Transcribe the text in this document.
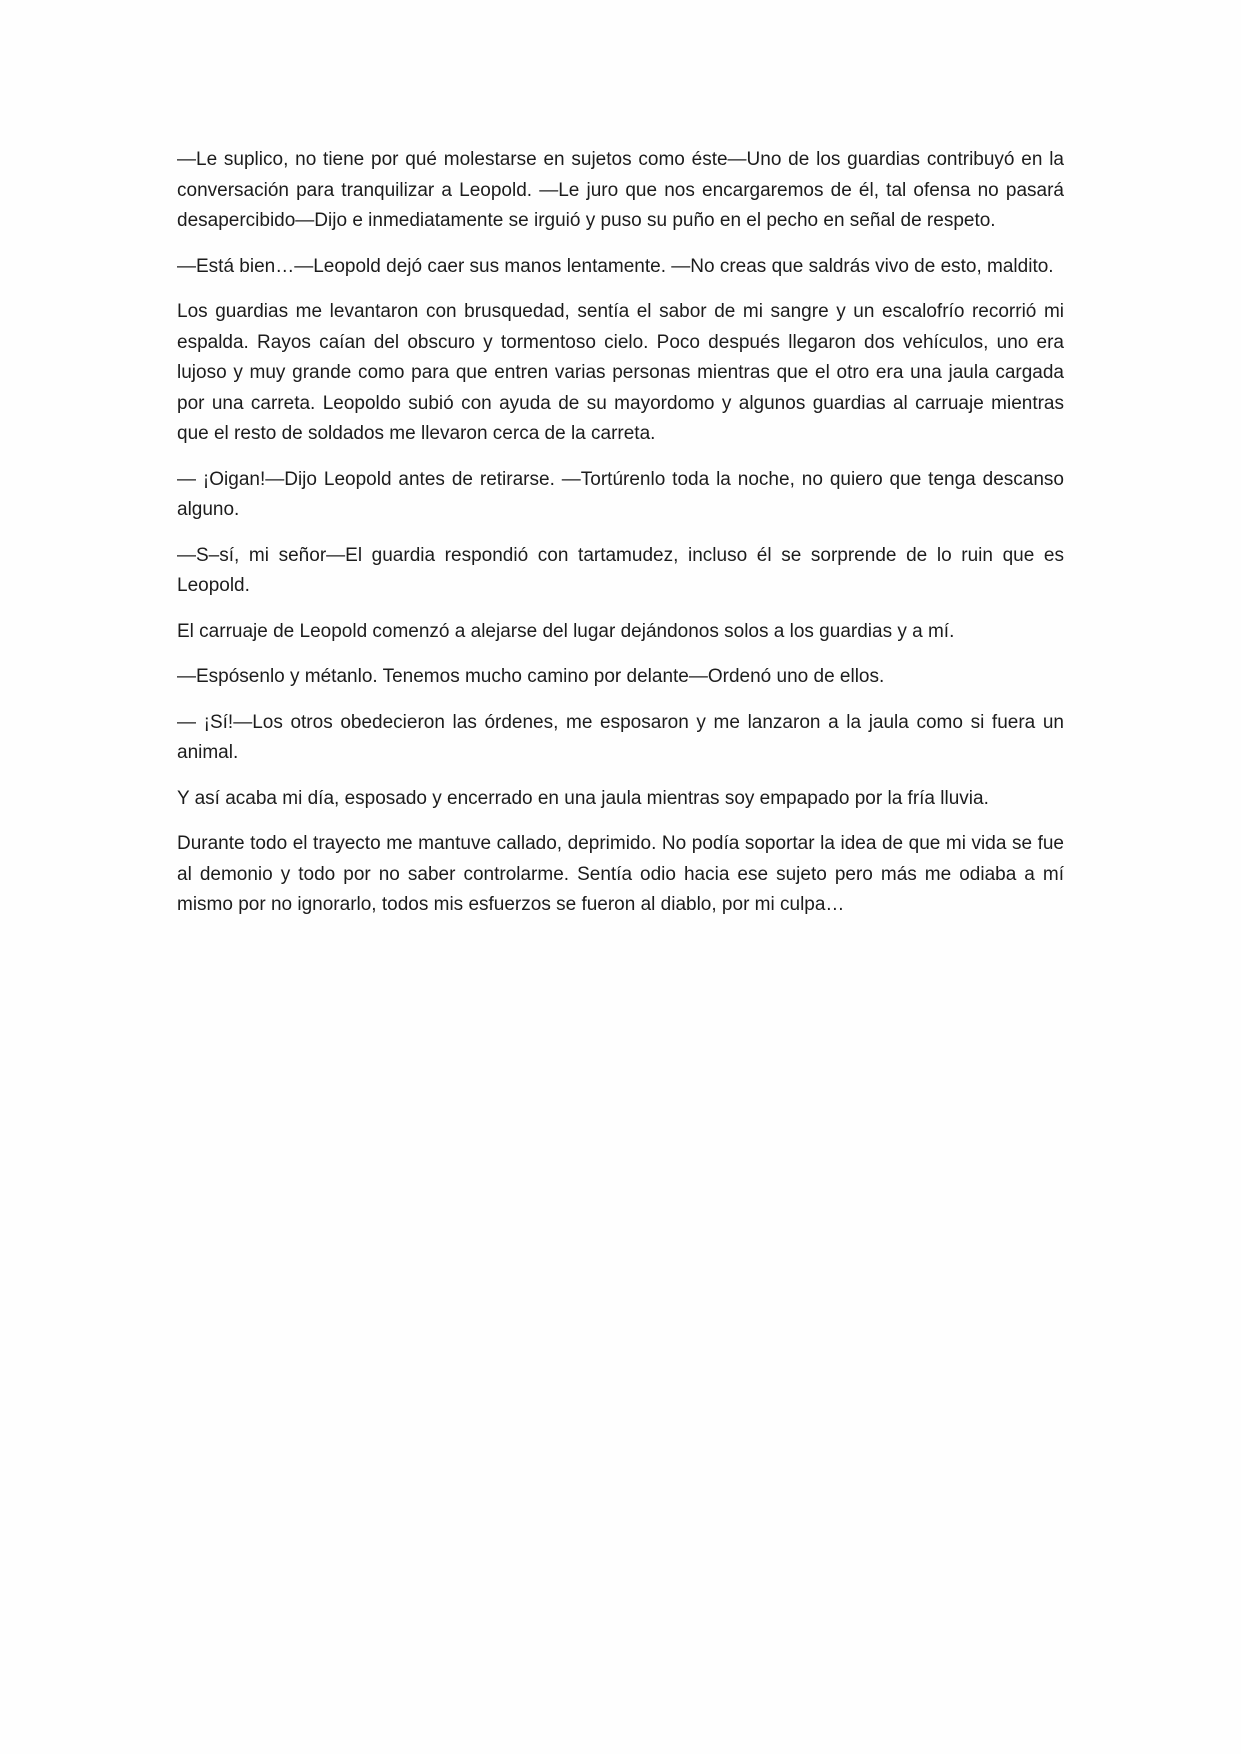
—Le suplico, no tiene por qué molestarse en sujetos como éste—Uno de los guardias contribuyó en la conversación para tranquilizar a Leopold. —Le juro que nos encargaremos de él, tal ofensa no pasará desapercibido—Dijo e inmediatamente se irguió y puso su puño en el pecho en señal de respeto.

—Está bien…—Leopold dejó caer sus manos lentamente. —No creas que saldrás vivo de esto, maldito.

Los guardias me levantaron con brusquedad, sentía el sabor de mi sangre y un escalofrío recorrió mi espalda. Rayos caían del obscuro y tormentoso cielo. Poco después llegaron dos vehículos, uno era lujoso y muy grande como para que entren varias personas mientras que el otro era una jaula cargada por una carreta. Leopoldo subió con ayuda de su mayordomo y algunos guardias al carruaje mientras que el resto de soldados me llevaron cerca de la carreta.

— ¡Oigan!—Dijo Leopold antes de retirarse. —Tortúrenlo toda la noche, no quiero que tenga descanso alguno.

—S–sí, mi señor—El guardia respondió con tartamudez, incluso él se sorprende de lo ruin que es Leopold.

El carruaje de Leopold comenzó a alejarse del lugar dejándonos solos a los guardias y a mí.

—Espósenlo y métanlo. Tenemos mucho camino por delante—Ordenó uno de ellos.

— ¡Sí!—Los otros obedecieron las órdenes, me esposaron y me lanzaron a la jaula como si fuera un animal.

Y así acaba mi día, esposado y encerrado en una jaula mientras soy empapado por la fría lluvia.

Durante todo el trayecto me mantuve callado, deprimido. No podía soportar la idea de que mi vida se fue al demonio y todo por no saber controlarme. Sentía odio hacia ese sujeto pero más me odiaba a mí mismo por no ignorarlo, todos mis esfuerzos se fueron al diablo, por mi culpa…
